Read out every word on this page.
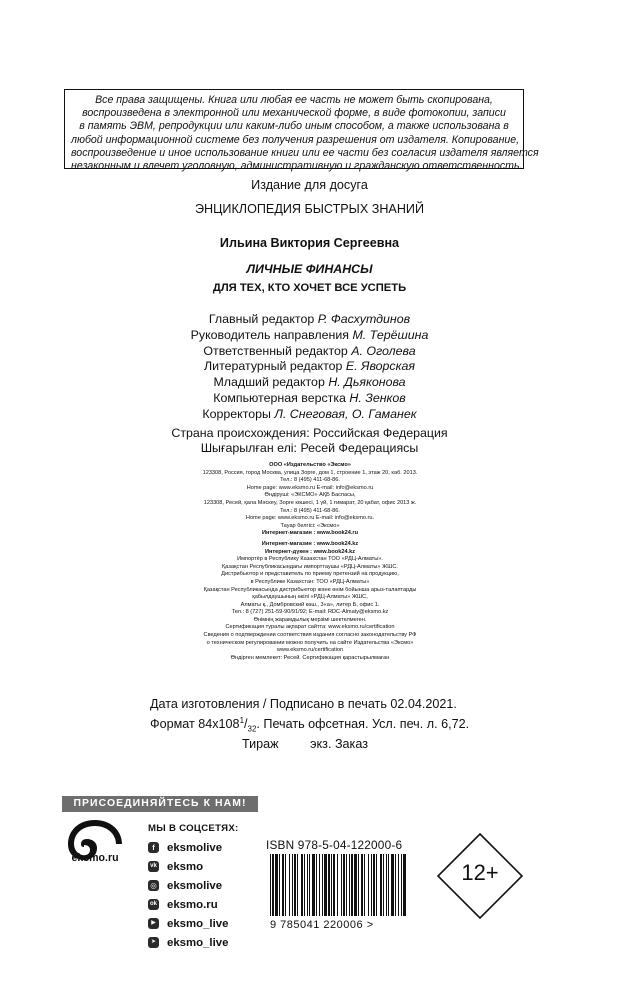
Все права защищены. Книга или любая ее часть не может быть скопирована,
воспроизведена в электронной или механической форме, в виде фотокопии, записи
в память ЭВМ, репродукции или каким-либо иным способом, а также использована в
любой информационной системе без получения разрешения от издателя. Копирование,
воспроизведение и иное использование книги или ее части без согласия издателя является
незаконным и влечет уголовную, административную и гражданскую ответственность.
Издание для досуга
ЭНЦИКЛОПЕДИЯ БЫСТРЫХ ЗНАНИЙ
Ильина Виктория Сергеевна
ЛИЧНЫЕ ФИНАНСЫ
ДЛЯ ТЕХ, КТО ХОЧЕТ ВСЕ УСПЕТЬ
Главный редактор Р. Фасхутдинов
Руководитель направления М. Терёшина
Ответственный редактор А. Оголева
Литературный редактор Е. Яворская
Младший редактор Н. Дьяконова
Компьютерная верстка Н. Зенков
Корректоры Л. Снеговая, О. Гаманек
Страна происхождения: Российская Федерация
Шығарылған елі: Ресей Федерациясы
ООО «Издательство «Эксмо»
123308, Россия, город Москва, улица Зорге, дом 1, строение 1, этаж 20, каб. 2013.
Тел.: 8 (495) 411-68-86.
Home page: www.eksmo.ru E-mail: info@eksmo.ru
Өндіруші: «ЭКСМО» АҚБ Баспасы,
123308, Ресей, қала Мәскеу, Зорге көшесі, 1 үй, 1 ғимарат, 20 қабат, офис 2013 ж.
Тел.: 8 (495) 411-68-86.
Home page: www.eksmo.ru E-mail: info@eksmo.ru.
Тауар белгісі: «Эксмо»
Интернет-магазин : www.book24.ru
Интернет-магазин : www.book24.kz
Интернет-дүкен : www.book24.kz
Импортёр в Республику Казахстан ТОО «РДЦ-Алматы».
Қазақстан Республикасындағы импорттаушы «РДЦ-Алматы» ЖШС.
Дистрибьютор и представитель по приему претензий на продукцию,
в Республике Казахстан: ТОО «РДЦ-Алматы»
Қазақстан Республикасында дистрибьютор және өнім бойынша арыз-талаптарды
қабылдаушының өкілі «РДЦ-Алматы» ЖШС,
Алматы қ., Домбровский көш., 3«а», литер Б, офис 1.
Тел.: 8 (727) 251-59-90/91/92; E-mail: RDC-Almaty@eksmo.kz
Өнімнің жарамдылық мерзімі шектелмеген.
Сертификация туралы ақпарат сайтта: www.eksmo.ru/certification
Сведения о подтверждении соответствия издания согласно законодательству РФ
о техническом регулировании можно получить на сайте Издательства «Эксмо»
www.eksmo.ru/certification
Өндірген мемлекет: Ресей. Сертификация қарастырылмаған
Дата изготовления / Подписано в печать 02.04.2021.
Формат $84x108^1/_{32}$. Печать офсетная. Усл. печ. л. 6,72.
Тираж         экз. Заказ
ПРИСОЕДИНЯЙТЕСЬ К НАМ!
eksmo.ru
МЫ В СОЦСЕТЯХ:
f	eksmolive
vk eksmo
◎ eksmolive
ok eksmo.ru
▶ eksmo_live
➤ eksmo_live
ISBN 978-5-04-122000-6
9 785041 220006 >
12+
